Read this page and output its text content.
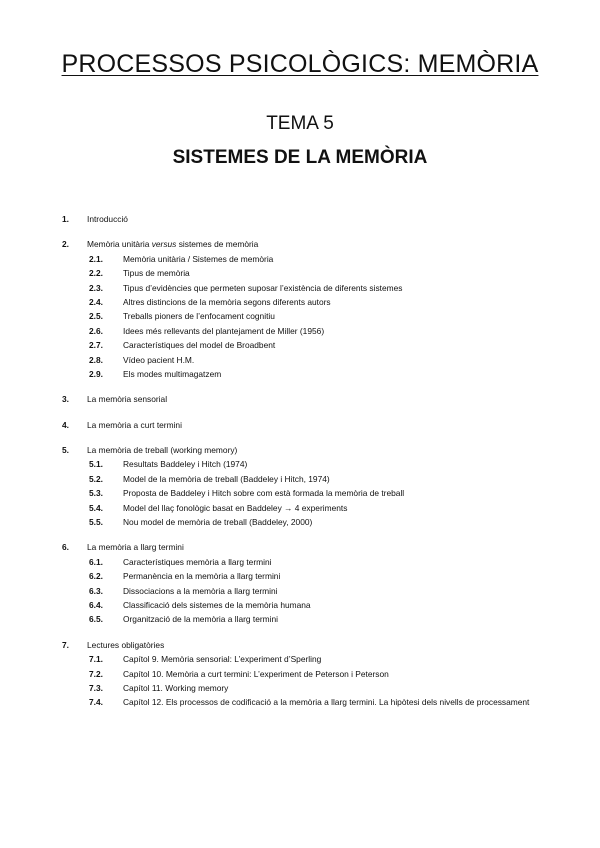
PROCESSOS PSICOLÒGICS: MEMÒRIA
TEMA 5
SISTEMES DE LA MEMÒRIA
1. Introducció
2. Memòria unitària versus sistemes de memòria
2.1. Memòria unitària / Sistemes de memòria
2.2. Tipus de memòria
2.3. Tipus d’evidències que permeten suposar l’existència de diferents sistemes
2.4. Altres distincions de la memòria segons diferents autors
2.5. Treballs pioners de l’enfocament cognitiu
2.6. Idees més rellevants del plantejament de Miller (1956)
2.7. Característiques del model de Broadbent
2.8. Vídeo pacient H.M.
2.9. Els modes multimagatzem
3. La memòria sensorial
4. La memòria a curt termini
5. La memòria de treball (working memory)
5.1. Resultats Baddeley i Hitch (1974)
5.2. Model de la memòria de treball (Baddeley i Hitch, 1974)
5.3. Proposta de Baddeley i Hitch sobre com està formada la memòria de treball
5.4. Model del llaç fonològic basat en Baddeley → 4 experiments
5.5. Nou model de memòria de treball (Baddeley, 2000)
6. La memòria a llarg termini
6.1. Característiques memòria a llarg termini
6.2. Permanència en la memòria a llarg termini
6.3. Dissociacions a la memòria a llarg termini
6.4. Classificació dels sistemes de la memòria humana
6.5. Organització de la memòria a llarg termini
7. Lectures obligatòries
7.1. Capítol 9. Memòria sensorial: L’experiment d’Sperling
7.2. Capítol 10. Memòria a curt termini: L’experiment de Peterson i Peterson
7.3. Capítol 11. Working memory
7.4. Capítol 12. Els processos de codificació a la memòria a llarg termini. La hipòtesi dels nivells de processament
